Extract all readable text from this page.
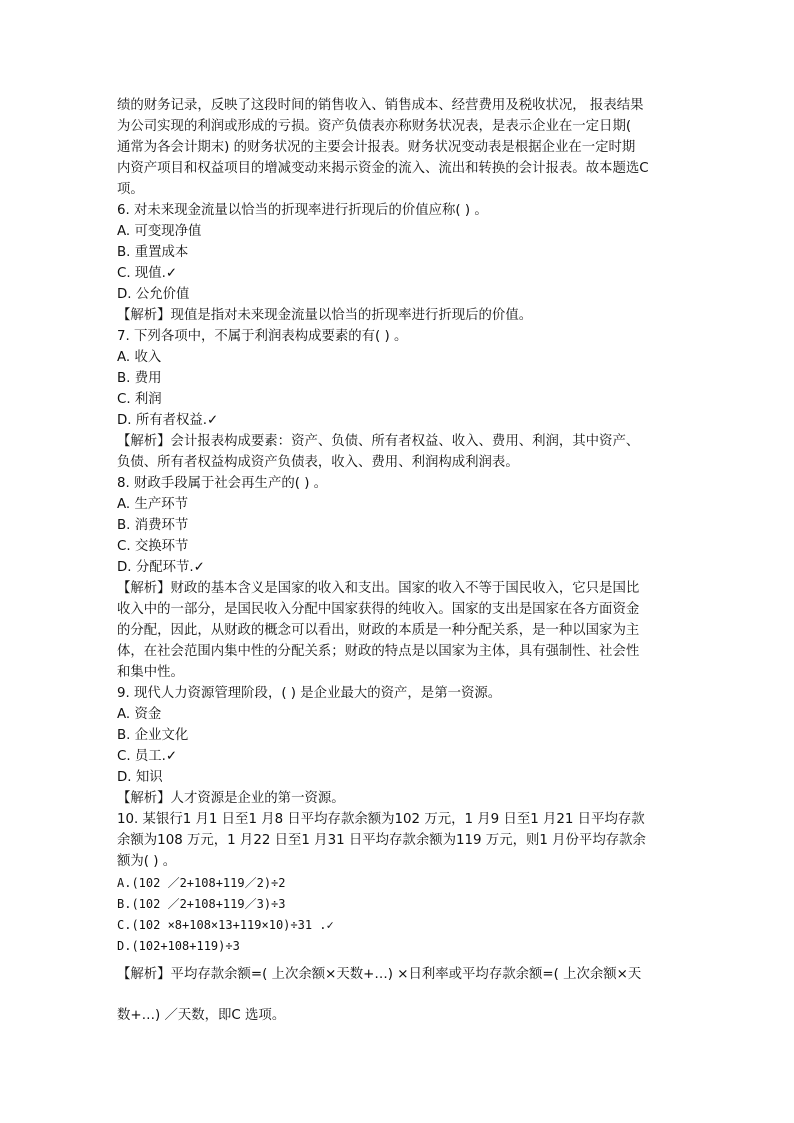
绩的财务记录，反映了这段时间的销售收入、销售成本、经营费用及税收状况， 报表结果
为公司实现的利润或形成的亏损。资产负债表亦称财务状况表，是表示企业在一定日期(
通常为各会计期末) 的财务状况的主要会计报表。财务状况变动表是根据企业在一定时期
内资产项目和权益项目的增减变动来揭示资金的流入、流出和转换的会计报表。故本题选C
项。
6. 对未来现金流量以恰当的折现率进行折现后的价值应称( ) 。
A. 可变现净值
B. 重置成本
C. 现值.✓
D. 公允价值
【解析】现值是指对未来现金流量以恰当的折现率进行折现后的价值。
7. 下列各项中，不属于利润表构成要素的有( ) 。
A. 收入
B. 费用
C. 利润
D. 所有者权益.✓
【解析】会计报表构成要素：资产、负债、所有者权益、收入、费用、利润，其中资产、
负债、所有者权益构成资产负债表，收入、费用、利润构成利润表。
8. 财政手段属于社会再生产的( ) 。
A. 生产环节
B. 消费环节
C. 交换环节
D. 分配环节.✓
【解析】财政的基本含义是国家的收入和支出。国家的收入不等于国民收入，它只是国比
收入中的一部分，是国民收入分配中国家获得的纯收入。国家的支出是国家在各方面资金
的分配，因此，从财政的概念可以看出，财政的本质是一种分配关系，是一种以国家为主
体，在社会范围内集中性的分配关系；财政的特点是以国家为主体，具有强制性、社会性
和集中性。
9. 现代人力资源管理阶段，( ) 是企业最大的资产，是第一资源。
A. 资金
B. 企业文化
C. 员工.✓
D. 知识
【解析】人才资源是企业的第一资源。
10. 某银行1 月1 日至1 月8 日平均存款余额为102 万元，1 月9 日至1 月21 日平均存款
余额为108 万元，1 月22 日至1 月31 日平均存款余额为119 万元，则1 月份平均存款余
额为( ) 。
A.(102 ／2+108+119／2)÷2
B.(102 ／2+108+119／3)÷3
C.(102 ×8+108×13+119×10)÷31 .✓
D.(102+108+119)÷3
【解析】平均存款余额=( 上次余额×天数+…) ×日利率或平均存款余额=( 上次余额×天
数+…) ／天数，即C 选项。
